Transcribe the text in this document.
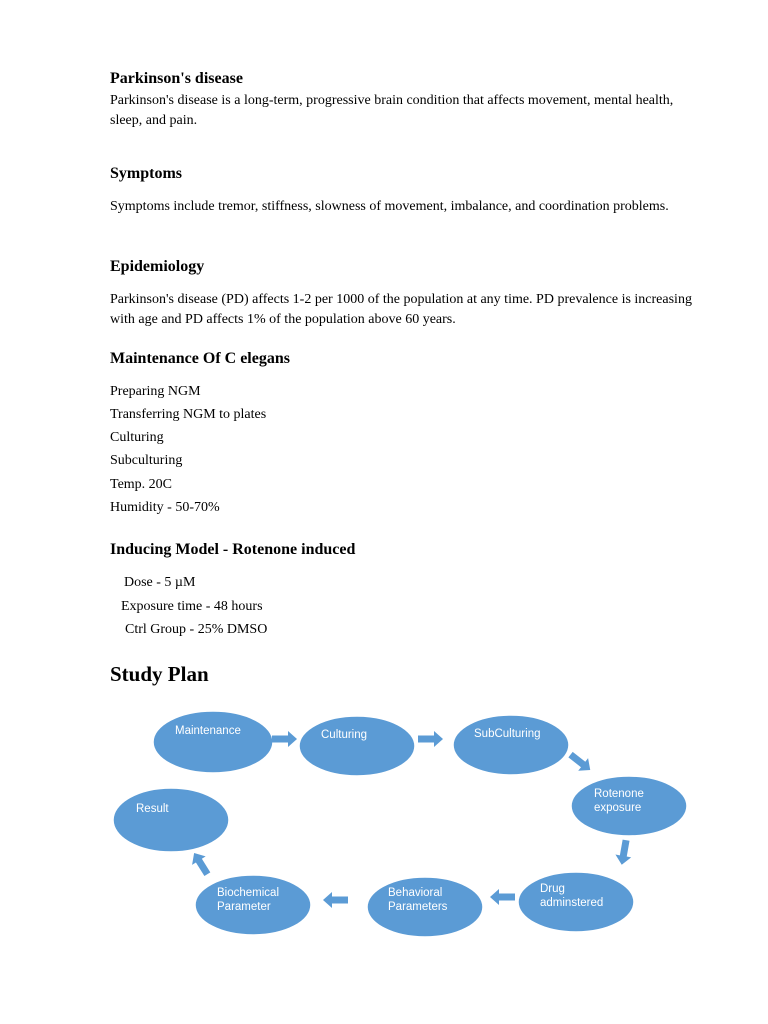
Parkinson's disease

Parkinson's disease is a long-term, progressive brain condition that affects movement, mental health, sleep, and pain.

Symptoms

Symptoms include tremor, stiffness, slowness of movement, imbalance, and coordination problems.

Epidemiology

Parkinson's disease (PD) affects 1-2 per 1000 of the population at any time. PD prevalence is increasing with age and PD affects 1% of the population above 60 years.

Maintenance Of C elegans
Preparing NGM
Transferring NGM to plates
Culturing
Subculturing
Temp. 20C
Humidity - 50-70%
Inducing Model - Rotenone induced
Dose - 5 µM
Exposure time - 48 hours
Ctrl Group - 25% DMSO
Study Plan
Maintenance	Culturing	SubCulturing
Rotenone
exposure
Drug
adminstered
Behavioral
Parameters
Biochemical
Parameter
Result
